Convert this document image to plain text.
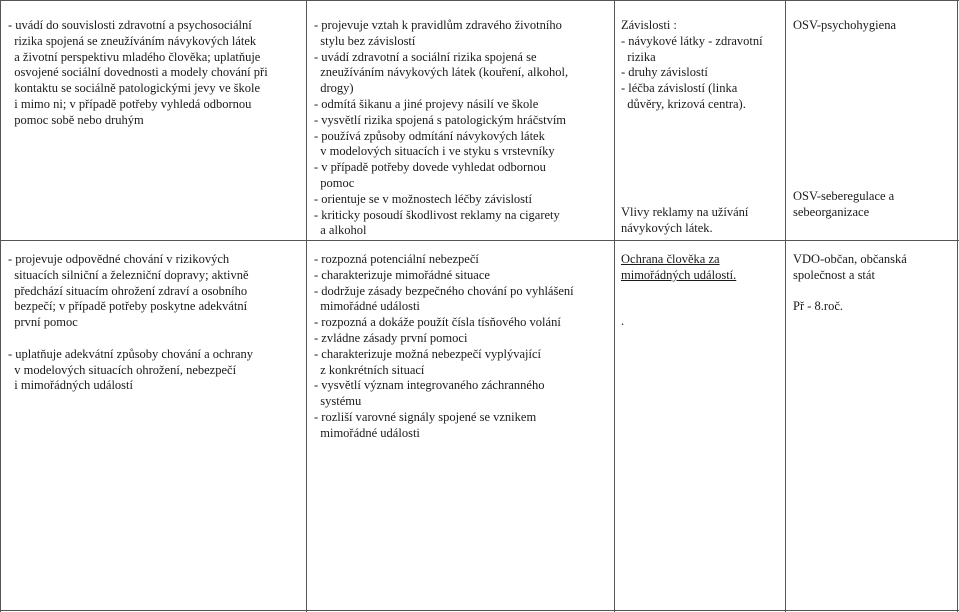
- uvádí do souvislosti zdravotní a psychosociální
rizika spojená se zneužíváním návykových látek
a životní perspektivu mladého člověka; uplatňuje
osvojené sociální dovednosti a modely chování při
kontaktu se sociálně patologickými jevy ve škole
i mimo ni; v případě potřeby vyhledá odbornou
pomoc sobě nebo druhým
- projevuje vztah k pravidlům zdravého životního
stylu bez závislostí
- uvádí zdravotní a sociální rizika spojená se
zneužíváním návykových látek (kouření, alkohol,
drogy)
- odmítá šikanu a jiné projevy násilí ve škole
- vysvětlí rizika spojená s patologickým hráčstvím
- používá způsoby odmítání návykových látek
v modelových situacích i ve styku s vrstevníky
- v případě potřeby dovede vyhledat odbornou
pomoc
- orientuje se v možnostech léčby závislostí
- kriticky posoudí škodlivost reklamy na cigarety
a alkohol
Závislosti :
- návykové látky - zdravotní
rizika
- druhy závislostí
- léčba závislostí (linka
důvěry, krizová centra).
Vlivy reklamy na užívání
návykových látek.
OSV-psychohygiena
OSV-seberegulace a
sebeorganizace
- projevuje odpovědné chování v rizikových
situacích silniční a železniční dopravy; aktivně
předchází situacím ohrožení zdraví a osobního
bezpečí; v případě potřeby poskytne adekvátní
první pomoc

- uplatňuje adekvátní způsoby chování a ochrany
v modelových situacích ohrožení, nebezpečí
i mimořádných událostí
- rozpozná potenciální nebezpečí
- charakterizuje mimořádné situace
- dodržuje zásady bezpečného chování po vyhlášení
mimořádné události
- rozpozná a dokáže použít čísla tísňového volání
- zvládne zásady první pomoci
- charakterizuje možná nebezpečí vyplývající
z konkrétních situací
- vysvětlí význam integrovaného záchranného
systému
- rozliší varovné signály spojené se vznikem
mimořádné události
Ochrana člověka za
mimořádných událostí.
.
VDO-občan, občanská
společnost a stát

Př - 8.roč.
